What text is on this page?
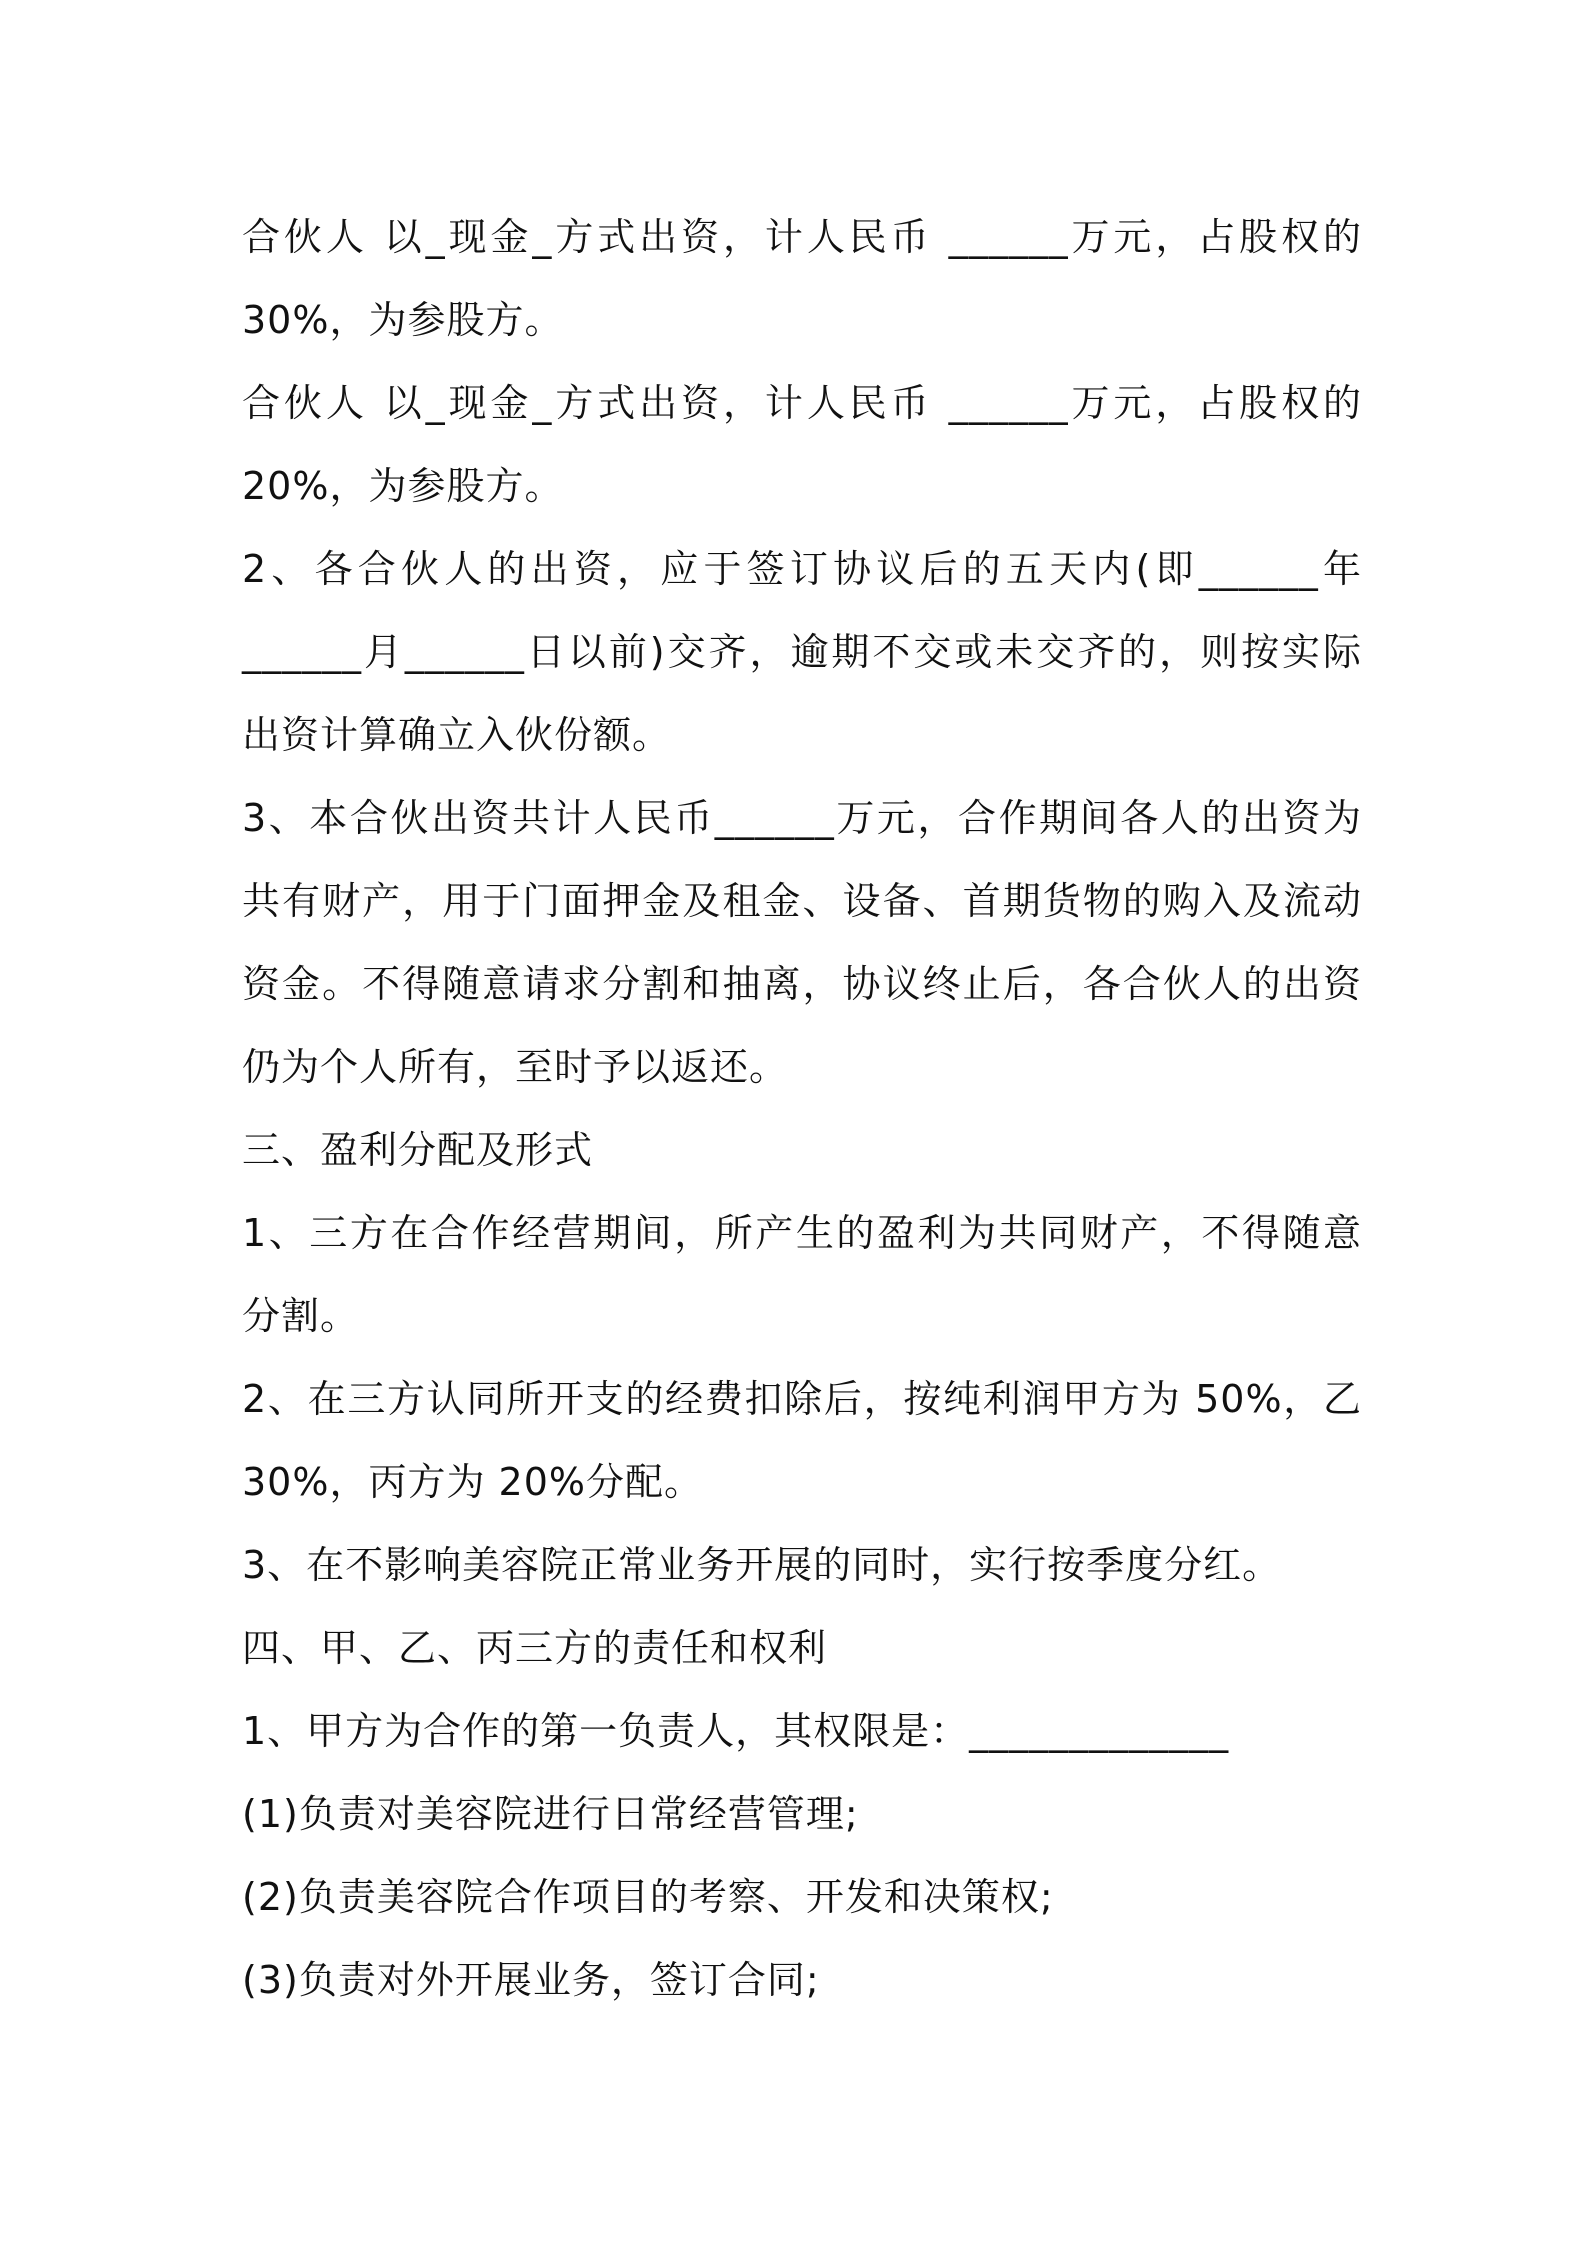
合伙人 以_现金_方式出资，计人民币 ______万元，占股权的
30%，为参股方。

合伙人 以_现金_方式出资，计人民币 ______万元，占股权的
20%，为参股方。

2、各合伙人的出资，应于签订协议后的五天内(即______年
______月______日以前)交齐，逾期不交或未交齐的，则按实际
出资计算确立入伙份额。

3、本合伙出资共计人民币______万元，合作期间各人的出资为
共有财产，用于门面押金及租金、设备、首期货物的购入及流动
资金。不得随意请求分割和抽离，协议终止后，各合伙人的出资
仍为个人所有，至时予以返还。

三、盈利分配及形式

1、三方在合作经营期间，所产生的盈利为共同财产，不得随意
分割。

2、在三方认同所开支的经费扣除后，按纯利润甲方为 50%，乙
30%，丙方为 20%分配。

3、在不影响美容院正常业务开展的同时，实行按季度分红。

四、甲、乙、丙三方的责任和权利

1、甲方为合作的第一负责人，其权限是：_____________

(1)负责对美容院进行日常经营管理;

(2)负责美容院合作项目的考察、开发和决策权;

(3)负责对外开展业务，签订合同;
